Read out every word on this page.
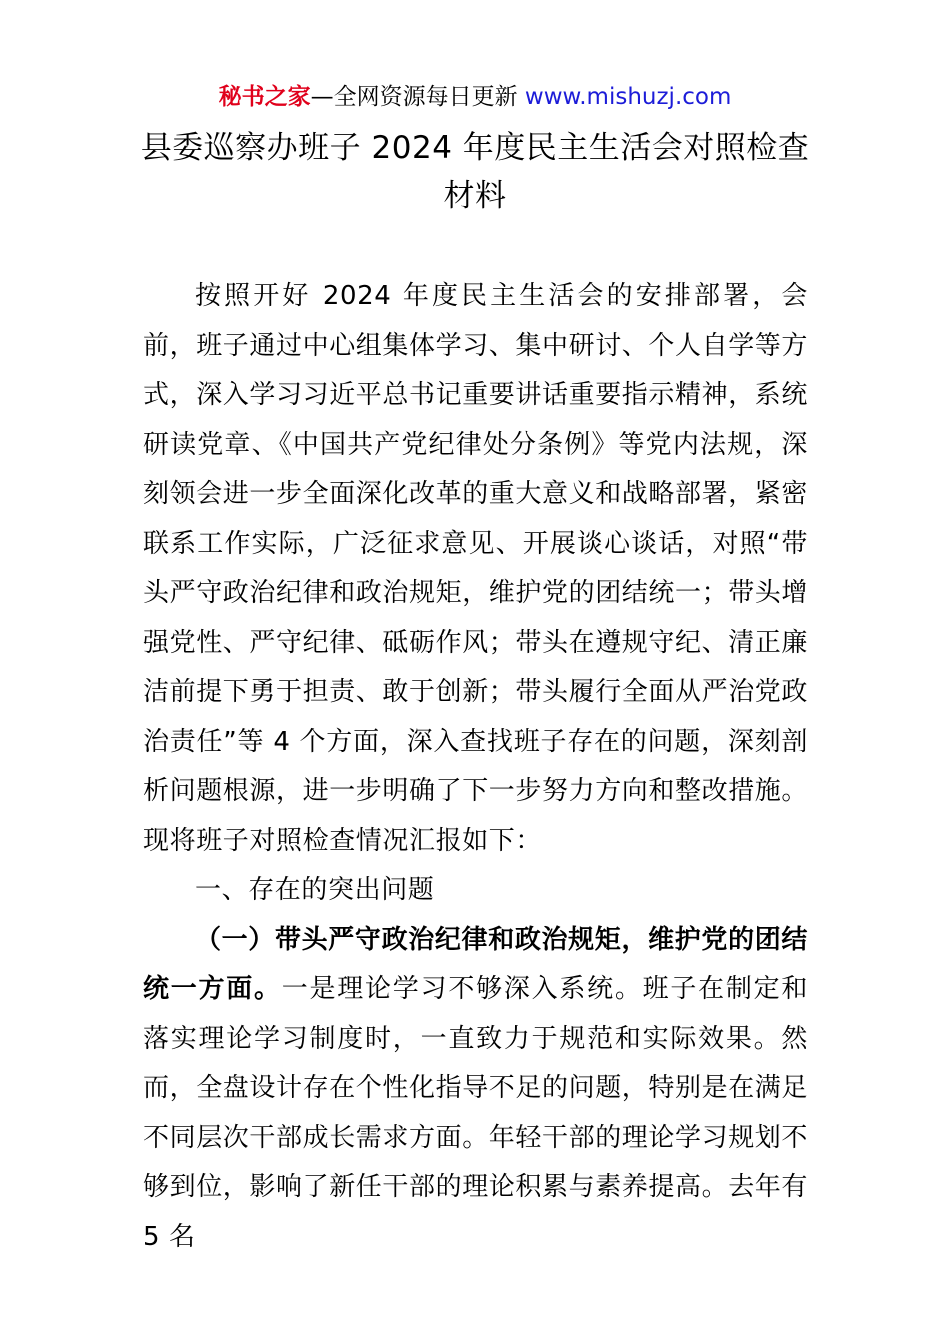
秘书之家—全网资源每日更新 www.mishuzj.com
县委巡察办班子 2024 年度民主生活会对照检查材料

按照开好 2024 年度民主生活会的安排部署，会前，班子通过中心组集体学习、集中研讨、个人自学等方式，深入学习习近平总书记重要讲话重要指示精神，系统研读党章、《中国共产党纪律处分条例》等党内法规，深刻领会进一步全面深化改革的重大意义和战略部署，紧密联系工作实际，广泛征求意见、开展谈心谈话，对照“带头严守政治纪律和政治规矩，维护党的团结统一；带头增强党性、严守纪律、砥砺作风；带头在遵规守纪、清正廉洁前提下勇于担责、敢于创新；带头履行全面从严治党政治责任”等 4 个方面，深入查找班子存在的问题，深刻剖析问题根源，进一步明确了下一步努力方向和整改措施。现将班子对照检查情况汇报如下：

一、存在的突出问题

（一）带头严守政治纪律和政治规矩，维护党的团结统一方面。一是理论学习不够深入系统。班子在制定和落实理论学习制度时，一直致力于规范和实际效果。然而，全盘设计存在个性化指导不足的问题，特别是在满足不同层次干部成长需求方面。年轻干部的理论学习规划不够到位，影响了新任干部的理论积累与素养提高。去年有 5 名
